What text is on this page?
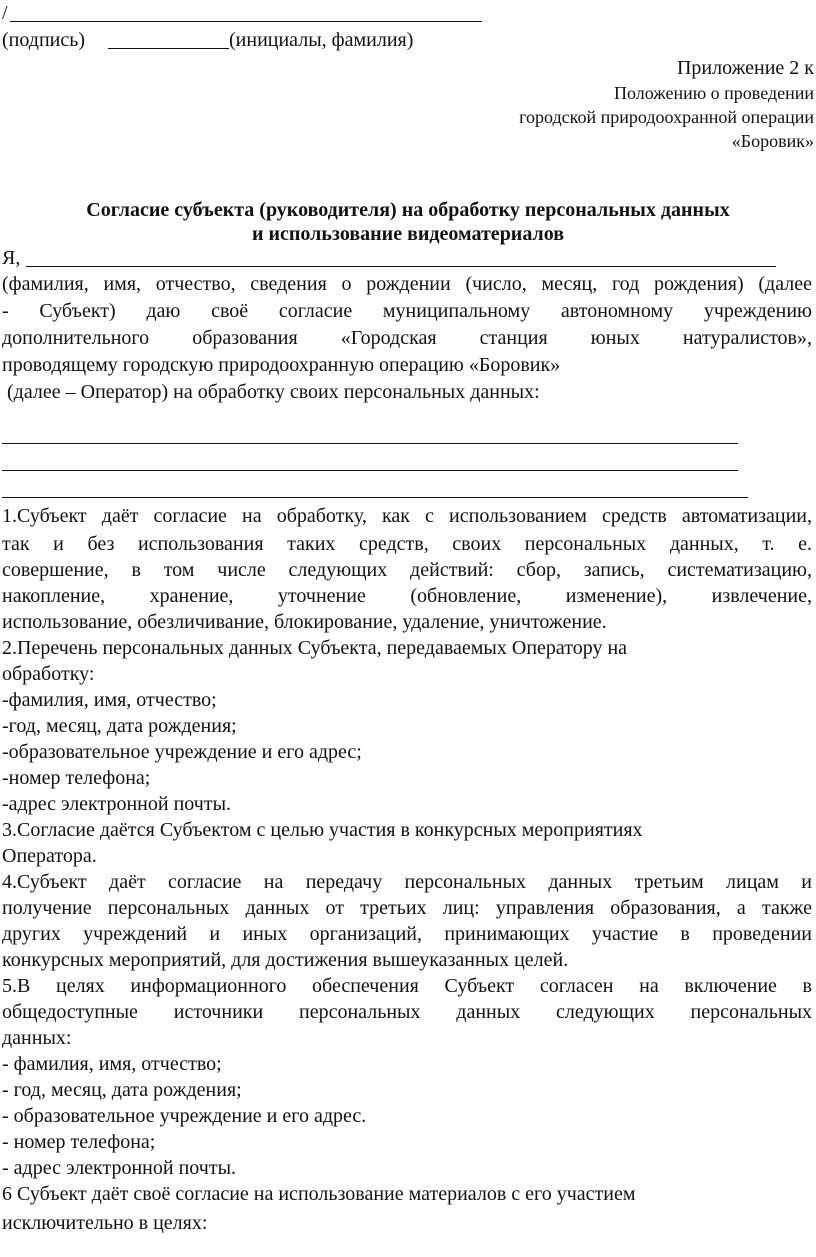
/
(подпись)	(инициалы, фамилия)
Приложение 2 к
Положению о проведении
городской природоохранной операции
«Боровик»
Согласие субъекта (руководителя) на обработку персональных данных
и использование видеоматериалов
Я,
(фамилия, имя, отчество, сведения о рождении (число, месяц, год рождения) (далее
- Субъект) даю своё согласие муниципальному автономному учреждению
дополнительного образования «Городская станция юных натуралистов»,
проводящему городскую природоохранную операцию «Боровик»
(далее – Оператор) на обработку своих персональных данных:
1.Субъект даёт согласие на обработку, как с использованием средств автоматизации,
так и без использования таких средств, своих персональных данных, т. е.
совершение, в том числе следующих действий: сбор, запись, систематизацию,
накопление, хранение, уточнение (обновление, изменение), извлечение,
использование, обезличивание, блокирование, удаление, уничтожение.
2.Перечень персональных данных Субъекта, передаваемых Оператору на
обработку:
-фамилия, имя, отчество;
-год, месяц, дата рождения;
-образовательное учреждение и его адрес;
-номер телефона;
-адрес электронной почты.
3.Согласие даётся Субъектом с целью участия в конкурсных мероприятиях
Оператора.
4.Субъект даёт согласие на передачу персональных данных третьим лицам и
получение персональных данных от третьих лиц: управления образования, а также
других учреждений и иных организаций, принимающих участие в проведении
конкурсных мероприятий, для достижения вышеуказанных целей.
5.В целях информационного обеспечения Субъект согласен на включение в
общедоступные источники персональных данных следующих персональных
данных:
- фамилия, имя, отчество;
- год, месяц, дата рождения;
- образовательное учреждение и его адрес.
- номер телефона;
- адрес электронной почты.
6 Субъект даёт своё согласие на использование материалов с его участием
исключительно в целях:
